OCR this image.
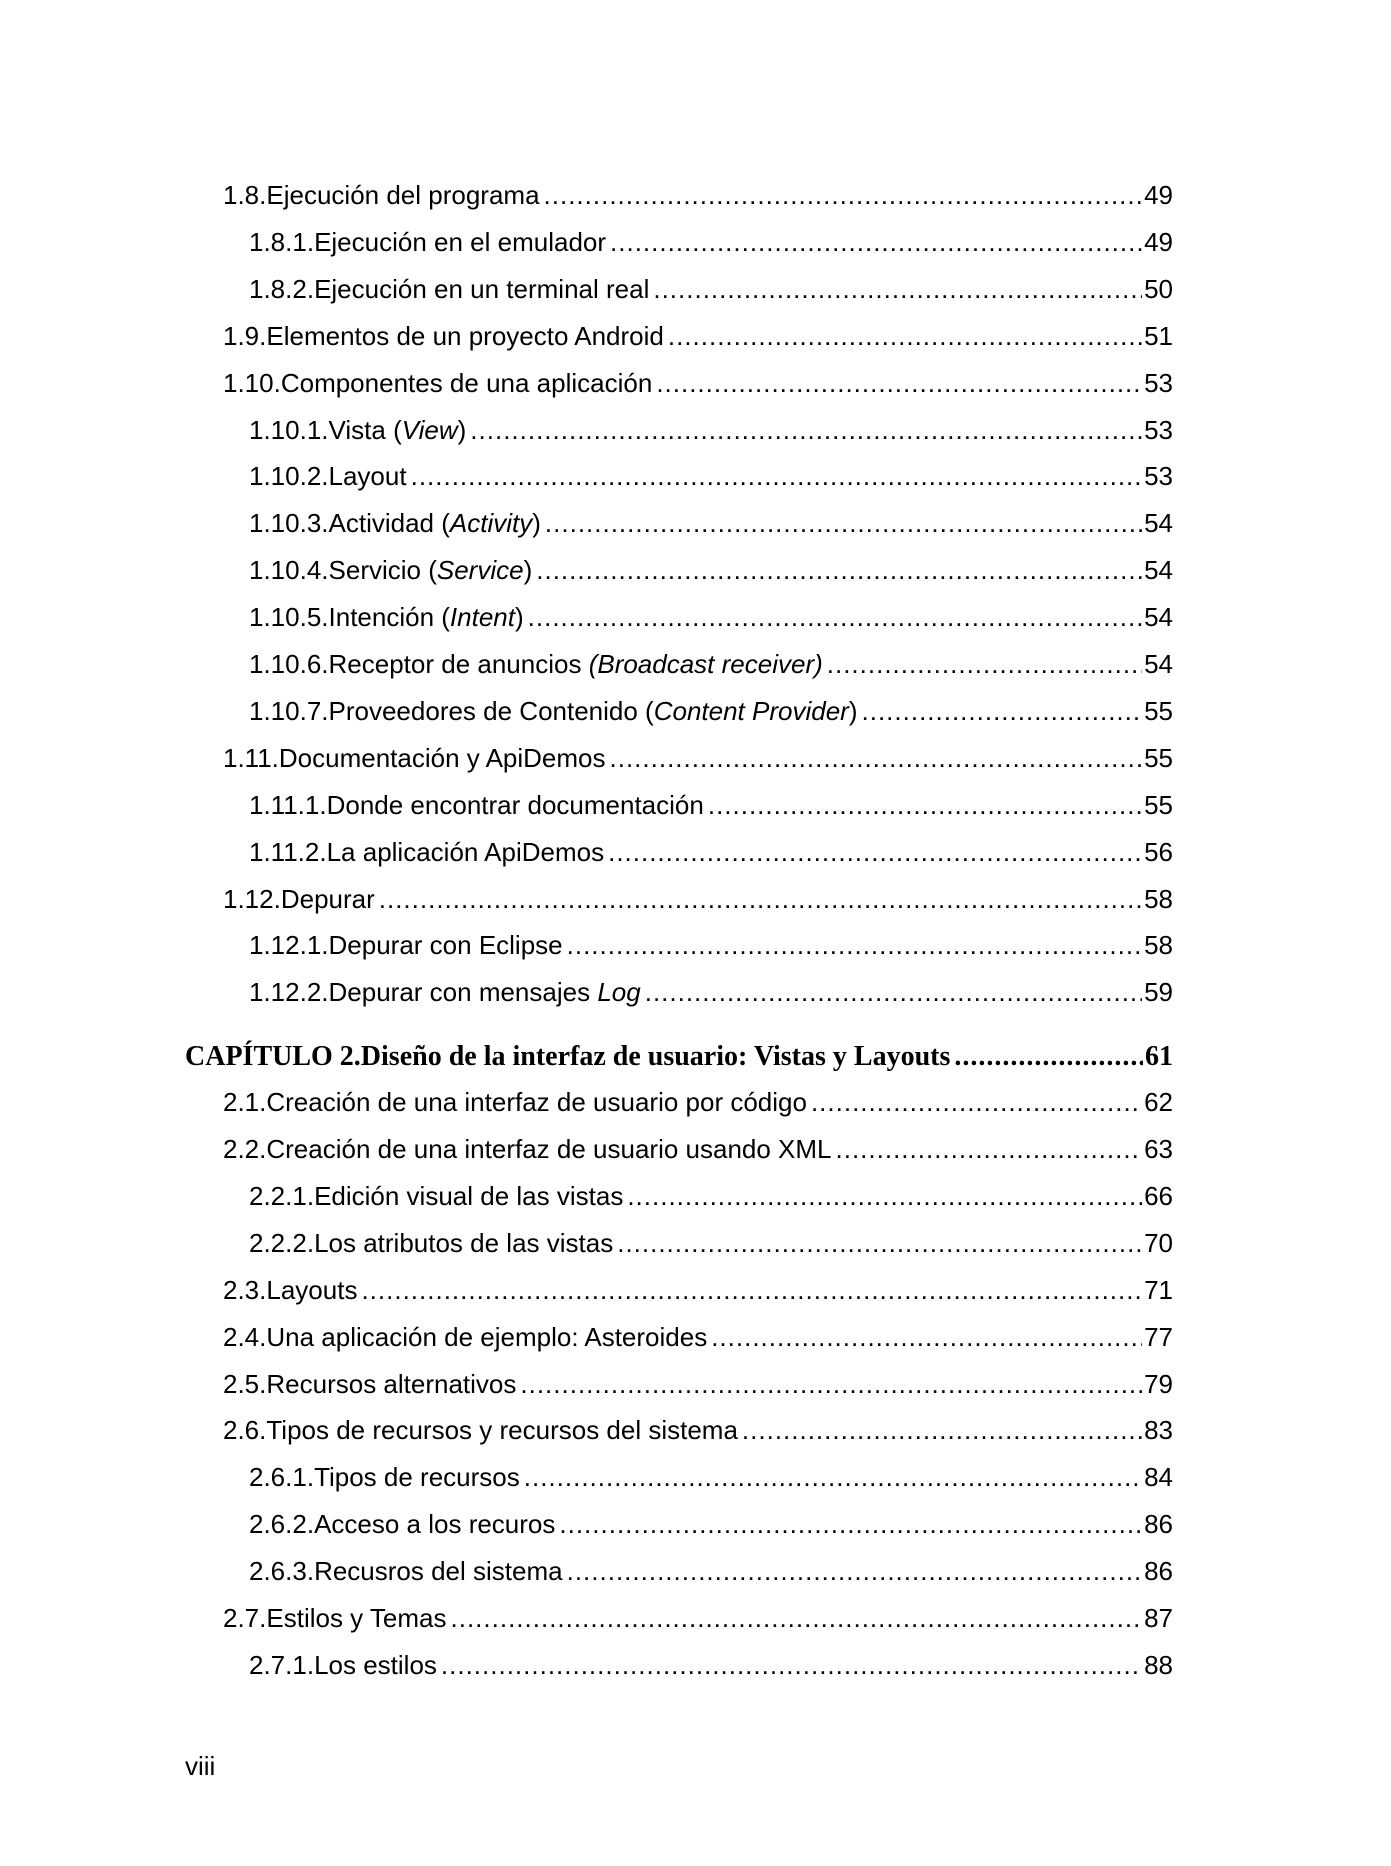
1.8. Ejecución del programa .....	49
1.8.1. Ejecución en el emulador .....	49
1.8.2. Ejecución en un terminal real .....	50
1.9. Elementos de un proyecto Android .....	51
1.10. Componentes de una aplicación .....	53
1.10.1. Vista (View) .....	53
1.10.2. Layout .....	53
1.10.3. Actividad (Activity) .....	54
1.10.4. Servicio (Service) .....	54
1.10.5. Intención (Intent) .....	54
1.10.6. Receptor de anuncios (Broadcast receiver) .....	54
1.10.7. Proveedores de Contenido (Content Provider) .....	55
1.11. Documentación y ApiDemos .....	55
1.11.1. Donde encontrar documentación .....	55
1.11.2. La aplicación ApiDemos .....	56
1.12. Depurar .....	58
1.12.1. Depurar con Eclipse .....	58
1.12.2. Depurar con mensajes Log .....	59
CAPÍTULO 2. Diseño de la interfaz de usuario: Vistas y Layouts .....	61
2.1. Creación de una interfaz de usuario por código .....	62
2.2. Creación de una interfaz de usuario usando XML .....	63
2.2.1. Edición visual de las vistas .....	66
2.2.2. Los atributos de las vistas .....	70
2.3. Layouts .....	71
2.4. Una aplicación de ejemplo: Asteroides .....	77
2.5. Recursos alternativos .....	79
2.6. Tipos de recursos y recursos del sistema .....	83
2.6.1. Tipos de recursos .....	84
2.6.2. Acceso a los recuros .....	86
2.6.3. Recusros del sistema .....	86
2.7. Estilos y Temas .....	87
2.7.1. Los estilos .....	88
viii
